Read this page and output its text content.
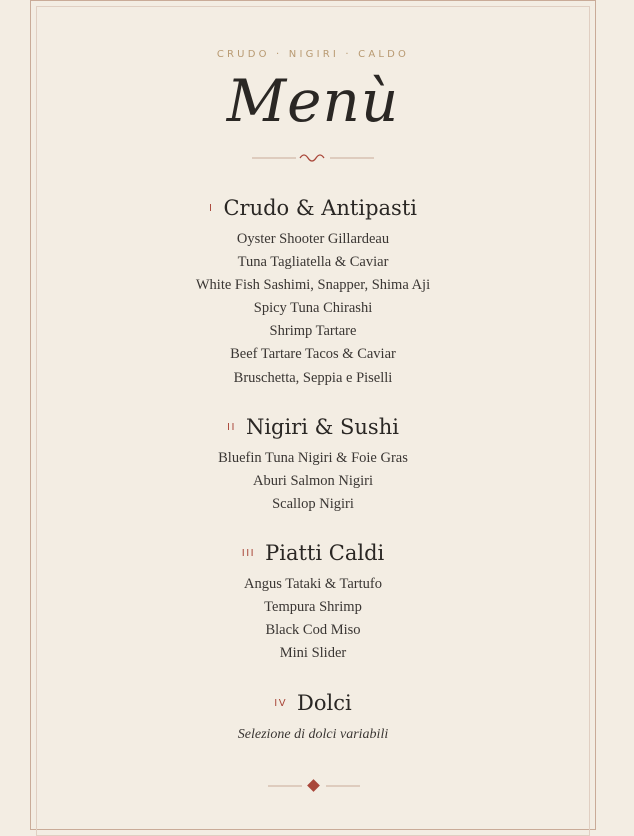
CRUDO · NIGIRI · CALDO
Menù
I Crudo & Antipasti
Oyster Shooter Gillardeau
Tuna Tagliatella & Caviar
White Fish Sashimi, Snapper, Shima Aji
Spicy Tuna Chirashi
Shrimp Tartare
Beef Tartare Tacos & Caviar
Bruschetta, Seppia e Piselli
II Nigiri & Sushi
Bluefin Tuna Nigiri & Foie Gras
Aburi Salmon Nigiri
Scallop Nigiri
III Piatti Caldi
Angus Tataki & Tartufo
Tempura Shrimp
Black Cod Miso
Mini Slider
IV Dolci
Selezione di dolci variabili
